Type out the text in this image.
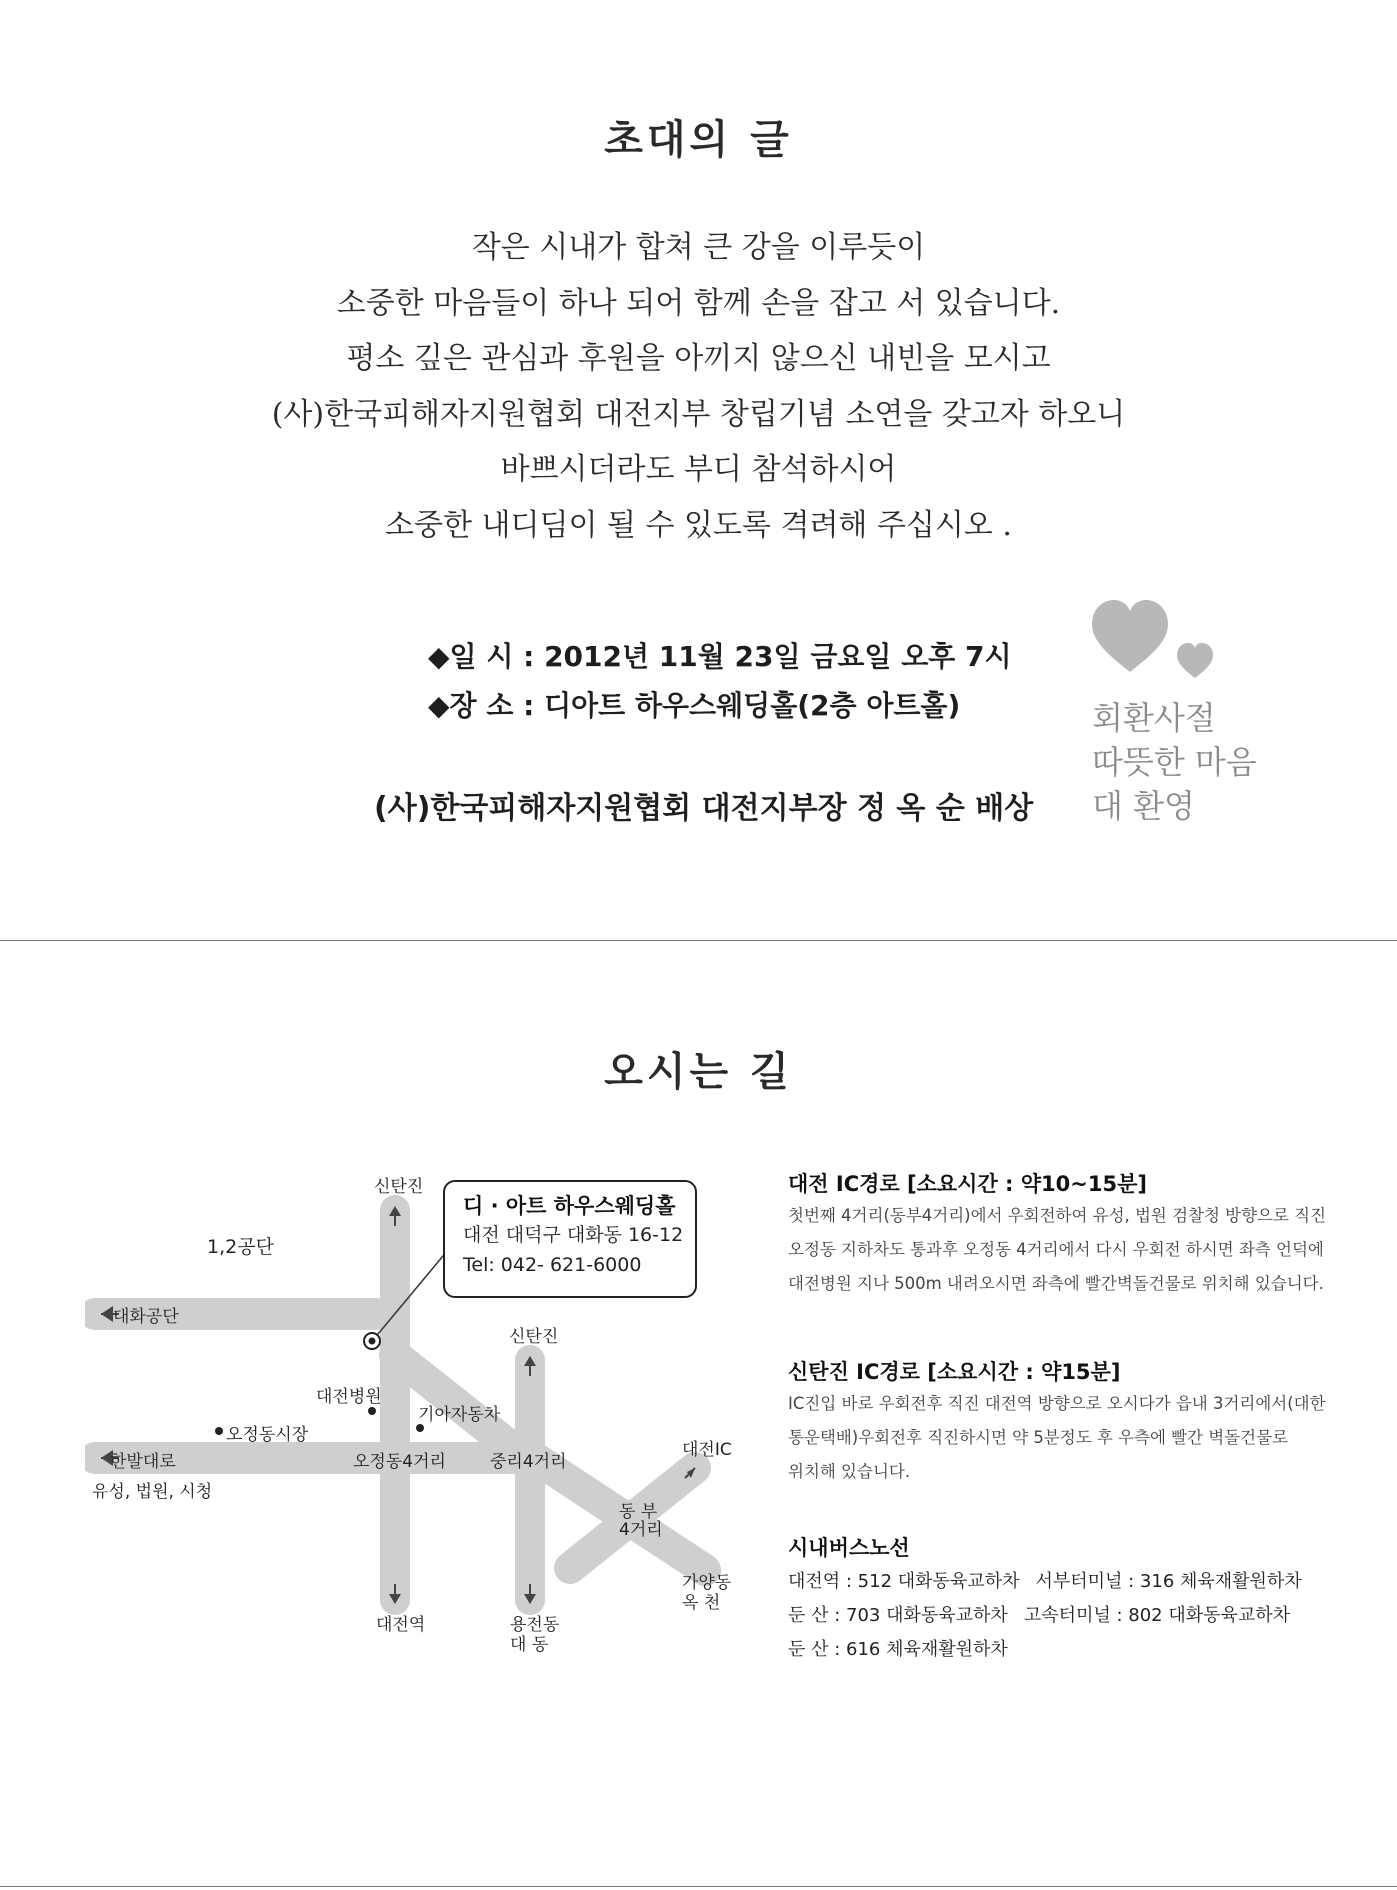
초대의 글
작은 시내가 합쳐 큰 강을 이루듯이
소중한 마음들이 하나 되어 함께 손을 잡고 서 있습니다.
평소 깊은 관심과 후원을 아끼지 않으신 내빈을 모시고
(사)한국피해자지원협회 대전지부 창립기념 소연을 갖고자 하오니
바쁘시더라도 부디 참석하시어
소중한 내디딤이 될 수 있도록 격려해 주십시오 .
◆일 시 : 2012년 11월 23일 금요일 오후 7시
◆장 소 : 디아트 하우스웨딩홀(2층 아트홀)
(사)한국피해자지원협회 대전지부장 정 옥 순 배상
회환사절
따뜻한 마음
대 환영
오시는 길
디 · 아트 하우스웨딩홀
대전 대덕구 대화동 16-12
Tel: 042- 621-6000
신탄진
1,2공단
대화공단
신탄진
대전병원
기아자동차
오정동시장
한발대로
유성, 법원, 시청
오정동4거리	중리4거리
대전IC
동 부
4거리
대전역	용전동
대 동
가양동
옥 천
대전 IC경로 [소요시간 : 약10~15분]
첫번째 4거리(동부4거리)에서 우회전하여 유성, 법원 검찰청 방향으로 직진
오정동 지하차도 통과후 오정동 4거리에서 다시 우회전 하시면 좌측 언덕에
대전병원 지나 500m 내려오시면 좌측에 빨간벽돌건물로 위치해 있습니다.
신탄진 IC경로 [소요시간 : 약15분]
IC진입 바로 우회전후 직진 대전역 방향으로 오시다가 읍내 3거리에서(대한
통운택배)우회전후 직진하시면 약 5분정도 후 우측에 빨간 벽돌건물로
위치해 있습니다.
시내버스노선
대전역 : 512 대화동육교하차 서부터미널 : 316 체육재활원하차
둔 산 : 703 대화동육교하차 고속터미널 : 802 대화동육교하차
둔 산 : 616 체육재활원하차
